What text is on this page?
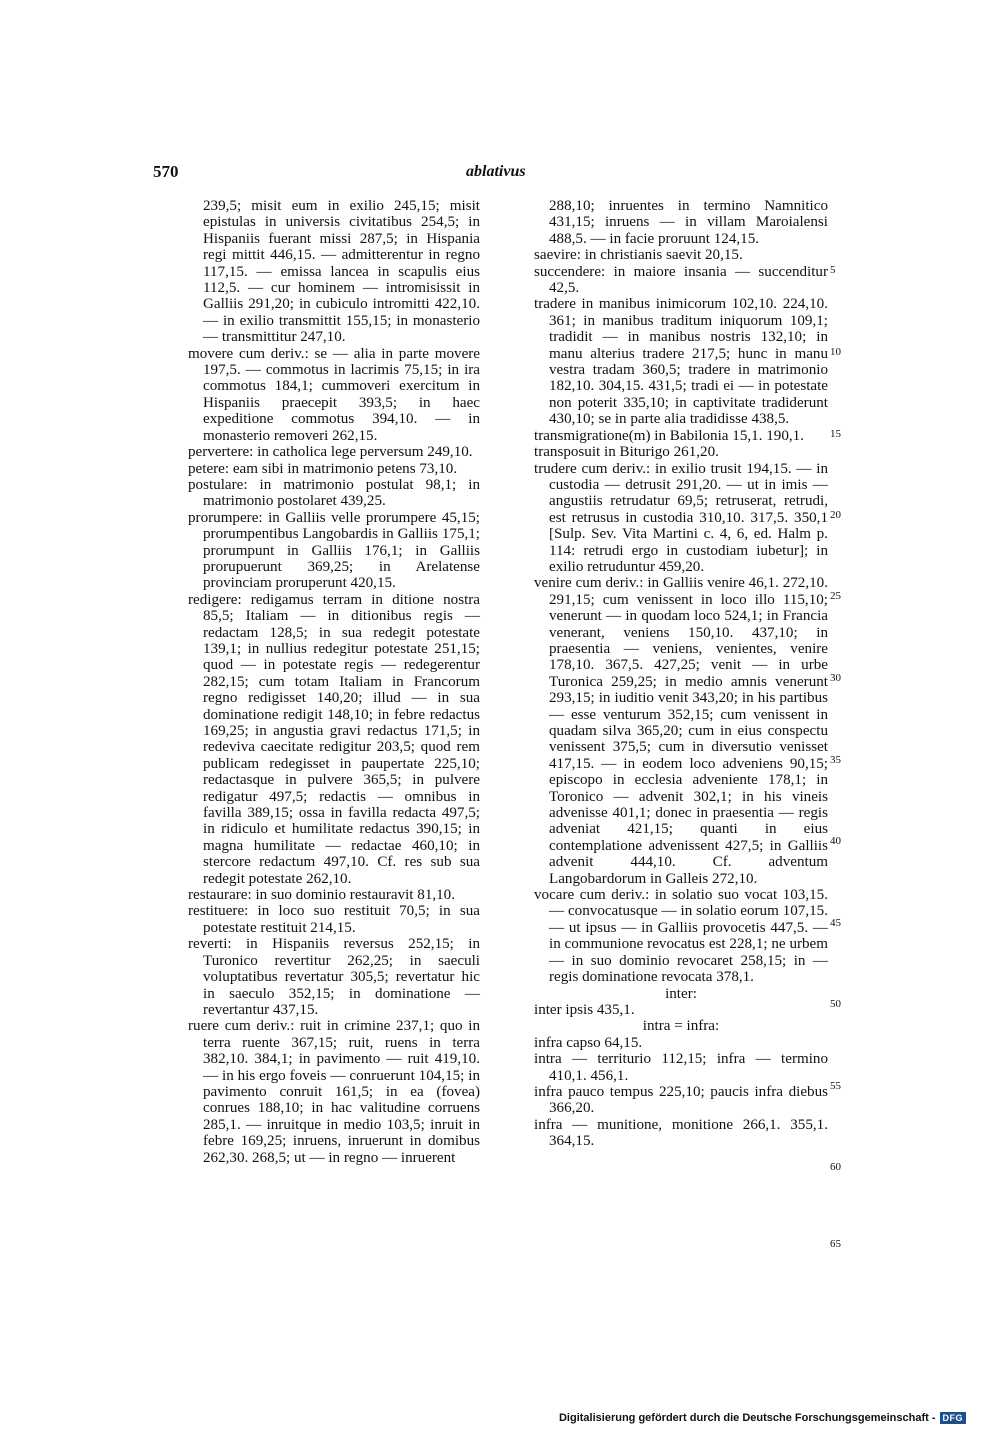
570	ablativus

239,5; misit eum in exilio 245,15; misit epistulas in universis civitatibus 254,5; in Hispaniis fuerant missi 287,5; in Hispania regi mittit 446,15. — admitterentur in regno 117,15. — emissa lancea in scapulis eius 112,5. — cur hominem — intromisissit in Galliis 291,20; in cubiculo intromitti 422,10. — in exilio transmittit 155,15; in monasterio — transmittitur 247,10.

movere cum deriv.: se — alia in parte movere 197,5. — commotus in lacrimis 75,15; in ira commotus 184,1; cummoveri exercitum in Hispaniis praecepit 393,5; in haec expeditione commotus 394,10. — in monasterio removeri 262,15.

pervertere: in catholica lege perversum 249,10.

petere: eam sibi in matrimonio petens 73,10.

postulare: in matrimonio postulat 98,1; in matrimonio postolaret 439,25.

prorumpere: in Galliis velle prorumpere 45,15; prorumpentibus Langobardis in Galliis 175,1; prorumpunt in Galliis 176,1; in Galliis prorupuerunt 369,25; in Arelatense provinciam proruperunt 420,15.

redigere: redigamus terram in ditione nostra 85,5; Italiam — in ditionibus regis — redactam 128,5; in sua redegit potestate 139,1; in nullius redegitur potestate 251,15; quod — in potestate regis — redegerentur 282,15; cum totam Italiam in Francorum regno redigisset 140,20; illud — in sua dominatione redigit 148,10; in febre redactus 169,25; in angustia gravi redactus 171,5; in redeviva caecitate redigitur 203,5; quod rem publicam redegisset in paupertate 225,10; redactasque in pulvere 365,5; in pulvere redigatur 497,5; redactis — omnibus in favilla 389,15; ossa in favilla redacta 497,5; in ridiculo et humilitate redactus 390,15; in magna humilitate — redactae 460,10; in stercore redactum 497,10. Cf. res sub sua redegit potestate 262,10.

restaurare: in suo dominio restauravit 81,10.

restituere: in loco suo restituit 70,5; in sua potestate restituit 214,15.

reverti: in Hispaniis reversus 252,15; in Turonico revertitur 262,25; in saeculi voluptatibus revertatur 305,5; revertatur hic in saeculo 352,15; in dominatione — revertantur 437,15.

ruere cum deriv.: ruit in crimine 237,1; quo in terra ruente 367,15; ruit, ruens in terra 382,10. 384,1; in pavimento — ruit 419,10. — in his ergo foveis — conruerunt 104,15; in pavimento conruit 161,5; in ea (fovea) conrues 188,10; in hac valitudine corruens 285,1. — inruitque in medio 103,5; inruit in febre 169,25; inruens, inruerunt in domibus 262,30. 268,5; ut — in regno — inruerent

288,10; inruentes in termino Namnitico 431,15; inruens — in villam Maroialensi 488,5. — in facie proruunt 124,15.

saevire: in christianis saevit 20,15.

succendere: in maiore insania — succenditur 42,5.

tradere in manibus inimicorum 102,10. 224,10. 361; in manibus traditum iniquorum 109,1; tradidit — in manibus nostris 132,10; in manu alterius tradere 217,5; hunc in manu vestra tradam 360,5; tradere in matrimonio 182,10. 304,15. 431,5; tradi ei — in potestate non poterit 335,10; in captivitate tradiderunt 430,10; se in parte alia tradidisse 438,5.

transmigratione(m) in Babilonia 15,1. 190,1.

transposuit in Biturigo 261,20.

trudere cum deriv.: in exilio trusit 194,15. — in custodia — detrusit 291,20. — ut in imis — angustiis retrudatur 69,5; retruserat, retrudi, est retrusus in custodia 310,10. 317,5. 350,1 [Sulp. Sev. Vita Martini c. 4, 6, ed. Halm p. 114: retrudi ergo in custodiam iubetur]; in exilio retruduntur 459,20.

venire cum deriv.: in Galliis venire 46,1. 272,10. 291,15; cum venissent in loco illo 115,10; venerunt — in quodam loco 524,1; in Francia venerant, veniens 150,10. 437,10; in praesentia — veniens, venientes, venire 178,10. 367,5. 427,25; venit — in urbe Turonica 259,25; in medio amnis venerunt 293,15; in iuditio venit 343,20; in his partibus — esse venturum 352,15; cum venissent in quadam silva 365,20; cum in eius conspectu venissent 375,5; cum in diversutio venisset 417,15. — in eodem loco adveniens 90,15; episcopo in ecclesia adveniente 178,1; in Toronico — advenit 302,1; in his vineis advenisse 401,1; donec in praesentia — regis adveniat 421,15; quanti in eius contemplatione advenissent 427,5; in Galliis advenit 444,10. Cf. adventum Langobardorum in Galleis 272,10.

vocare cum deriv.: in solatio suo vocat 103,15. — convocatusque — in solatio eorum 107,15. — ut ipsus — in Galliis provocetis 447,5. — in communione revocatus est 228,1; ne urbem — in suo dominio revocaret 258,15; in — regis dominatione revocata 378,1.

inter:

inter ipsis 435,1.

intra = infra:

infra capso 64,15.

intra — territurio 112,15; infra — termino 410,1. 456,1.

infra pauco tempus 225,10; paucis infra diebus 366,20.

infra — munitione, monitione 266,1. 355,1. 364,15.

5
10
15
20
25
30
35
40
45
50
55
60
65
Digitalisierung gefördert durch die Deutsche Forschungsgemeinschaft - DFG
